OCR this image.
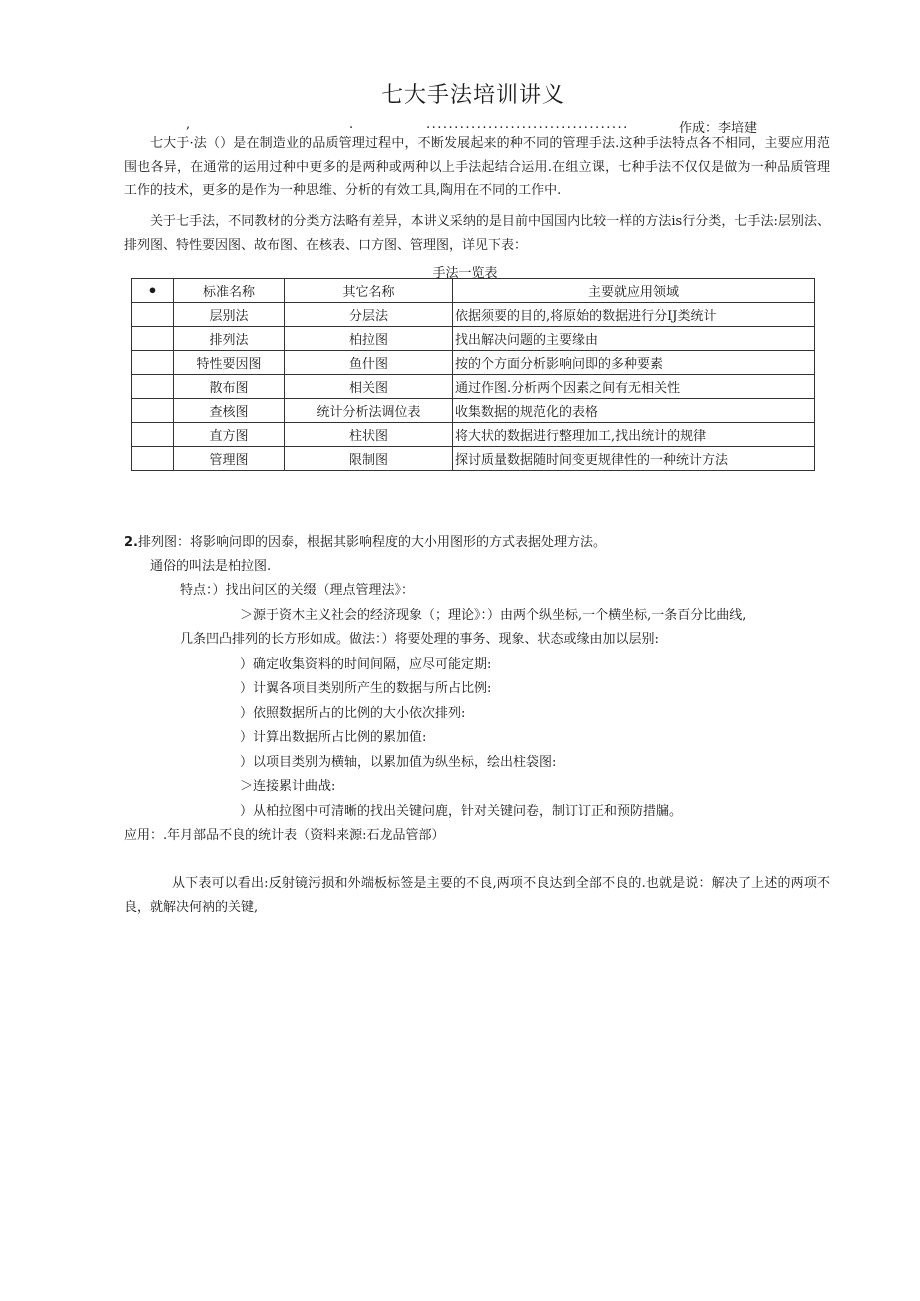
七大手法培训讲义
,	.	....................................	作成：李培建
七大于·法（）是在制造业的品质管理过程中，不断发展起来的种不同的管理手法.这种手法特点各不相同，主要应用范围也各异，在通常的运用过种中更多的是两种或两种以上手法起结合运用.在组立课，七种手法不仅仅是做为一种品质管理工作的技术，更多的是作为一种思维、分析的有效工具,陶用在不同的工作中.
关于七手法，不同教材的分类方法略有差异，本讲义采纳的是目前中国国内比较一样的方法is行分类，七手法:层别法、排列图、特性要因图、故布图、在核表、口方图、管理图，详见下表：
手法一览表
•	标准名称	其它名称	主要就应用领域
	层别法	分层法	依据须要的目的,将原始的数据进行分IJ类统计
	排列法	柏拉图	找出解决问题的主要缘由
	特性要因图	鱼什图	按的个方面分析影响问即的多种要素
	散布图	相关图	通过作图.分析两个因素之间有无相关性
	查核图	统计分析法调位表	收集数据的规范化的表格
	直方图	柱状图	将大状的数据进行整理加工,找出统计的规律
	管理图	限制图	探讨质量数据随时间变更规律性的一种统计方法
2.排列图：将影响问即的因泰，根据其影响程度的大小用图形的方式表据处理方法。
通俗的叫法是柏拉图.
特点：）找出问区的关缀（理点管理法》：
＞源于资木主义社会的经济现象（；理论》：）由两个纵坐标,一个横坐标,一条百分比曲线,
几条凹凸排列的长方形如成。做法：）将要处理的事务、现象、状态或缘由加以层别:
）确定收集资料的时间间隔，应尽可能定期:
）计翼各项目类别所产生的数据与所占比例:
）依照数据所占的比例的大小依次排列:
）计算出数据所占比例的累加值:
）以项目类别为横轴，以累加值为纵坐标，绘出柱袋图:
＞连接累计曲战:
）从柏拉图中可清晰的找出关键问鹿，针对关键问卷，制订订正和预防措牖。
应用：.年月部品不良的统计表（资料来源:石龙品管部）
从下表可以看出:反射镜污损和外端板标签是主要的不良,两项不良达到全部不良的.也就是说：解决了上述的两项不良，就解决何衲的关键,
